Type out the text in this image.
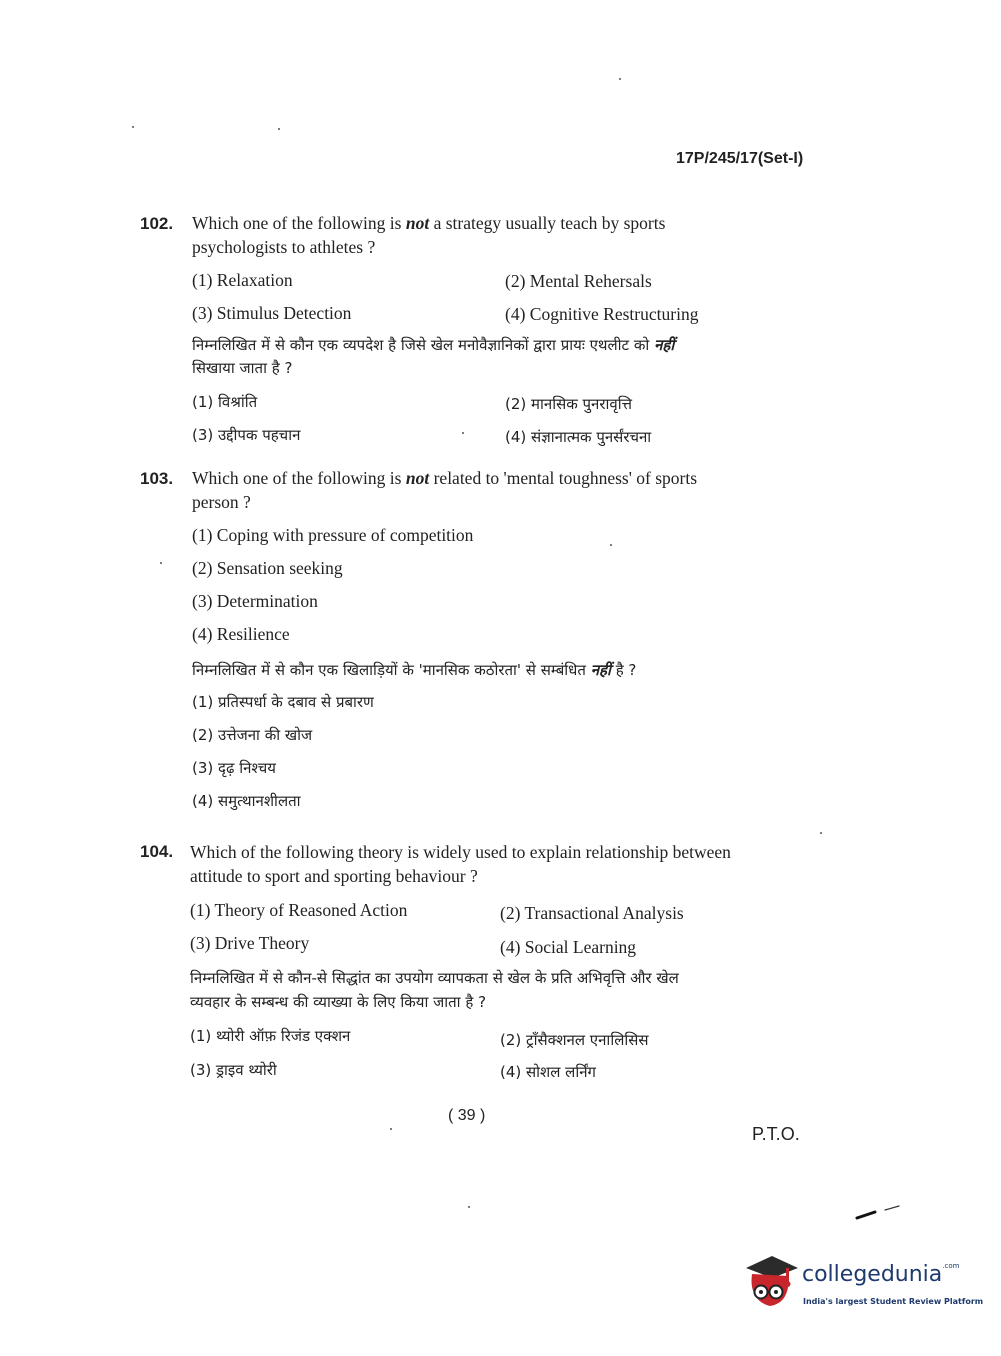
17P/245/17(Set-I)
102. Which one of the following is not a strategy usually teach by sports
psychologists to athletes ?
(1) Relaxation	(2) Mental Rehersals
(3) Stimulus Detection	(4) Cognitive Restructuring
निम्नलिखित में से कौन एक व्यपदेश है जिसे खेल मनोवैज्ञानिकों द्वारा प्रायः एथलीट को नहीं
सिखाया जाता है ?
(1) विश्रांति	(2) मानसिक पुनरावृत्ति
(3) उद्दीपक पहचान	(4) संज्ञानात्मक पुनर्संरचना
103. Which one of the following is not related to 'mental toughness' of sports
person ?
(1) Coping with pressure of competition
(2) Sensation seeking
(3) Determination
(4) Resilience
निम्नलिखित में से कौन एक खिलाड़ियों के 'मानसिक कठोरता' से सम्बंधित नहीं है ?
(1) प्रतिस्पर्धा के दबाव से प्रबारण
(2) उत्तेजना की खोज
(3) दृढ़ निश्चय
(4) समुत्थानशीलता
104. Which of the following theory is widely used to explain relationship between
attitude to sport and sporting behaviour ?
(1) Theory of Reasoned Action	(2) Transactional Analysis
(3) Drive Theory	(4) Social Learning
निम्नलिखित में से कौन-से सिद्धांत का उपयोग व्यापकता से खेल के प्रति अभिवृत्ति और खेल
व्यवहार के सम्बन्ध की व्याख्या के लिए किया जाता है ?
(1) थ्योरी ऑफ़ रिजंड एक्शन	(2) ट्रॉंसैक्शनल एनालिसिस
(3) ड्राइव थ्योरी	(4) सोशल लर्निंग
( 39 )
P.T.O.
collegedunia$^{.com}$
India's largest Student Review Platform
